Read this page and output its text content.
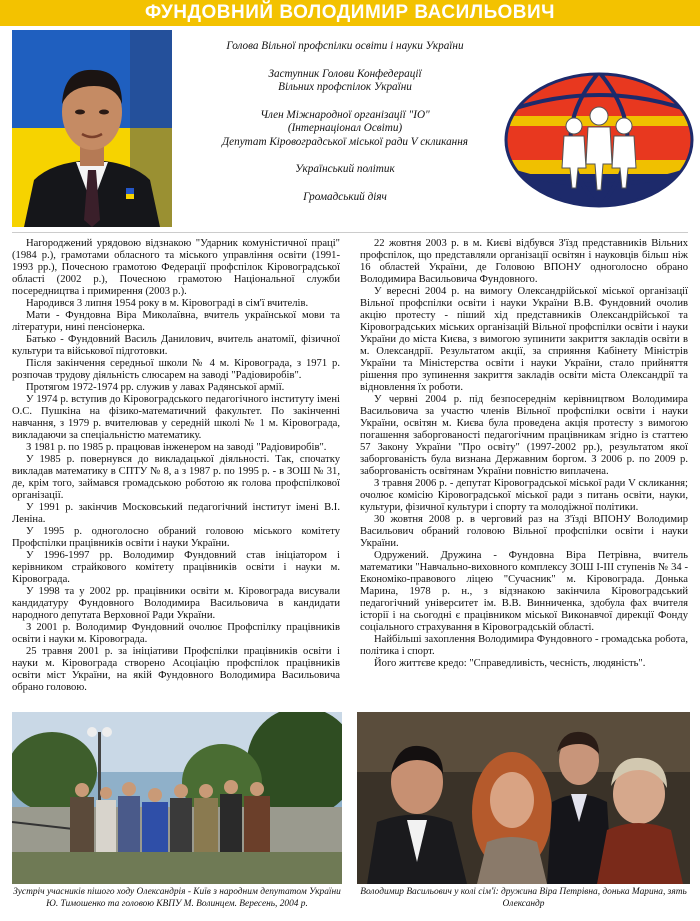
ФУНДОВНИЙ ВОЛОДИМИР ВАСИЛЬОВИЧ

Голова Вільної профспілки освіти і науки України

Заступник Голови Конфедерації

Вільних профспілок України

Член Міжнародної організації "ІО"

(Інтернаціонал Освіти)

Депутат Кіровоградської міської ради V скликання

Український політик

Громадський діяч

Нагороджений урядовою відзнакою "Ударник комуністичної праці" (1984 р.), грамотами обласного та міського управління освіти (1991-1993 рр.), Почесною грамотою Федерації профспілок Кіровоградської області (2002 р.), Почесною грамотою Національної служби посередництва і примирення (2003 р.).

Народився 3 липня 1954 року в м. Кіровограді в сім'ї вчителів.

Мати - Фундовна Віра Миколаївна, вчитель української мови та літератури, нині пенсіонерка.

Батько - Фундовний Василь Данилович, вчитель анатомії, фізичної культури та військової підготовки.

Після закінчення середньої школи № 4 м. Кіровограда, з 1971 р. розпочав трудову діяльність слюсарем на заводі "Радіовиробів".

Протягом 1972-1974 рр. служив у лавах Радянської армії.

У 1974 р. вступив до Кіровоградського педагогічного інституту імені О.С. Пушкіна на фізико-математичний факультет. По закінченні навчання, з 1979 р. вчителював у середній школі № 1 м. Кіровограда, викладаючи за спеціальністю математику.

З 1981 р. по 1985 р. працював інженером на заводі "Радіовиробів".

У 1985 р. повернувся до викладацької діяльності. Так, спочатку викладав математику в СПТУ № 8, а з 1987 р. по 1995 р. - в ЗОШ № 31, де, крім того, займався громадською роботою як голова профспілкової організації.

У 1991 р. закінчив Московський педагогічний інститут імені В.І. Леніна.

У 1995 р. одноголосно обраний головою міського комітету Профспілки працівників освіти і науки України.

У 1996-1997 рр. Володимир Фундовний став ініціатором і керівником страйкового комітету працівників освіти і науки м. Кіровограда.

У 1998 та у 2002 рр. працівники освіти м. Кіровограда висували кандидатуру Фундовного Володимира Васильовича в кандидати народного депутата Верховної Ради України.

З 2001 р. Володимир Фундовний очолює Профспілку працівників освіти і науки м. Кіровограда.

25 травня 2001 р. за ініціативи Профспілки працівників освіти і науки м. Кіровограда створено Асоціацію профспілок працівників освіти міст України, на якій Фундовного Володимира Васильовича обрано головою.

22 жовтня 2003 р. в м. Києві відбувся З'їзд представників Вільних профспілок, що представляли організації освітян і науковців більш ніж 16 областей України, де Головою ВПОНУ одноголосно обрано Володимира Васильовича Фундовного.

У вересні 2004 р. на вимогу Олександрійської міської організації Вільної профспілки освіти і науки України В.В. Фундовний очолив акцію протесту - піший хід представників Олександрійської та Кіровоградських міських організацій Вільної профспілки освіти і науки України до міста Києва, з вимогою зупинити закриття закладів освіти в м. Олександрії. Результатом акції, за сприяння Кабінету Міністрів України та Міністерства освіти і науки України, стало прийняття рішення про зупинення закриття закладів освіти міста Олександрії та відновлення їх роботи.

У червні 2004 р. під безпосереднім керівництвом Володимира Васильовича за участю членів Вільної профспілки освіти і науки України, освітян м. Києва була проведена акція протесту з вимогою погашення заборгованості педагогічним працівникам згідно із статтею 57 Закону України "Про освіту" (1997-2002 рр.), результатом якої заборгованість була визнана Державним боргом. З 2006 р. по 2009 р. заборгованість освітянам України повністю виплачена.

З травня 2006 р. - депутат Кіровоградської міської ради V скликання; очолює комісію Кіровоградської міської ради з питань освіти, науки, культури, фізичної культури і спорту та молодіжної політики.

30 жовтня 2008 р. в черговий раз на З'їзді ВПОНУ Володимир Васильович обраний головою Вільної профспілки освіти і науки України.

Одружений. Дружина - Фундовна Віра Петрівна, вчитель математики "Навчально-виховного комплексу ЗОШ І-ІІІ ступенів № 34 - Економіко-правового ліцею "Сучасник" м. Кіровограда. Донька Марина, 1978 р. н., з відзнакою закінчила Кіровоградський педагогічний університет ім. В.В. Винниченка, здобула фах вчителя історії і на сьогодні є працівником міської Виконавчої дирекції Фонду соціального страхування в Кіровоградській області.

Найбільші захоплення Володимира Фундовного - громадська робота, політика і спорт.

Його життєве кредо: "Справедливість, чесність, людяність".

Зустріч учасників пішого ходу Олександрія - Київ з народним депутатом України Ю. Тимошенко та головою КВПУ М. Волинцем. Вересень, 2004 р.
Володимир Васильович у колі сім'ї: дружина Віра Петрівна, донька Марина, зять Олександр
